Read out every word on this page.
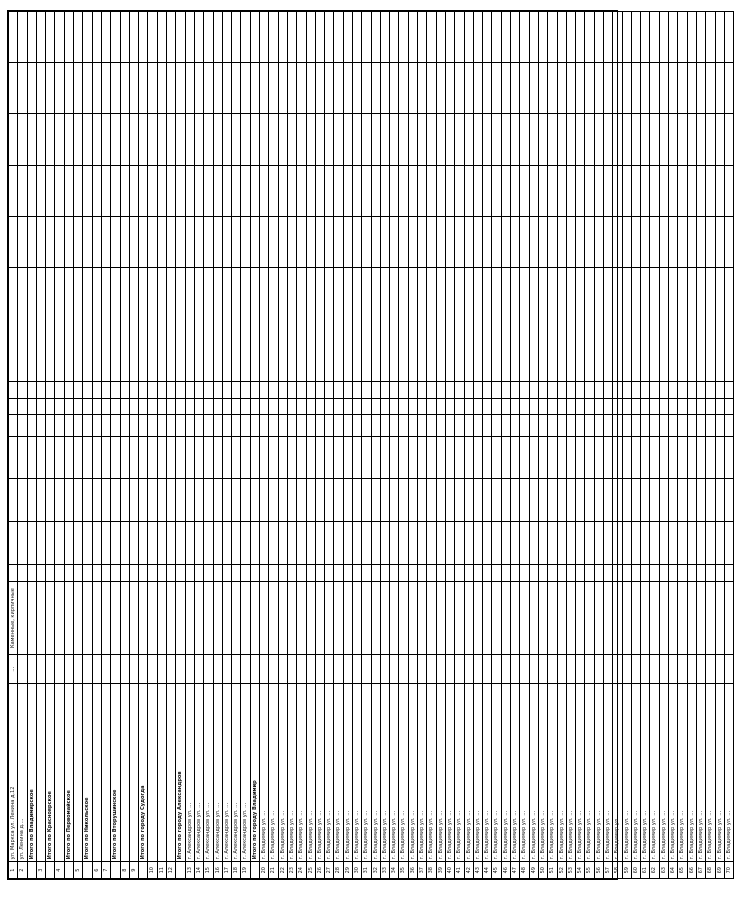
1	ул. Маркса ул. Ленина д.12	…	Каменные, кирпичные													
2	ул. Ленина д.…															
	Итого по Владимирское															
3																
	Итого по Красноярское															
4																
	Итого по Первомайское															
5																
	Итого по Никольское															
6																
7																
	Итого по Вторушинское															
8																
9																
	Итого по городу Судогда															
10																
11																
12																
	Итого по городу Александров															
13	г. Александров ул. …															
14	г. Александров ул. …															
15	г. Александров ул. …															
16	г. Александров ул. …															
17	г. Александров ул. …															
18	г. Александров ул. …															
19	г. Александров ул. …															
	Итого по городу Владимир															
20	г. Владимир ул. …															
21	г. Владимир ул. …															
22	г. Владимир ул. …															
23	г. Владимир ул. …															
24	г. Владимир ул. …															
25	г. Владимир ул. …															
26	г. Владимир ул. …															
27	г. Владимир ул. …															
28	г. Владимир ул. …															
29	г. Владимир ул. …															
30	г. Владимир ул. …															
31	г. Владимир ул. …															
32	г. Владимир ул. …															
33	г. Владимир ул. …															
34	г. Владимир ул. …															
35	г. Владимир ул. …															
36	г. Владимир ул. …															
37	г. Владимир ул. …															
38	г. Владимир ул. …															
39	г. Владимир ул. …															
40	г. Владимир ул. …															
41	г. Владимир ул. …															
42	г. Владимир ул. …															
43	г. Владимир ул. …															
44	г. Владимир ул. …															
45	г. Владимир ул. …															
46	г. Владимир ул. …															
47	г. Владимир ул. …															
48	г. Владимир ул. …															
49	г. Владимир ул. …															
50	г. Владимир ул. …															
51	г. Владимир ул. …															
52	г. Владимир ул. …															
53	г. Владимир ул. …															
54	г. Владимир ул. …															
55	г. Владимир ул. …															
56	г. Владимир ул. …															
57	г. Владимир ул. …															
58	г. Владимир ул. …															
59	г. Владимир ул. …															
60	г. Владимир ул. …															
61	г. Владимир ул. …															
62	г. Владимир ул. …															
63	г. Владимир ул. …															
64	г. Владимир ул. …															
65	г. Владимир ул. …															
66	г. Владимир ул. …															
67	г. Владимир ул. …															
68	г. Владимир ул. …															
69	г. Владимир ул. …															
70	г. Владимир ул. …															
